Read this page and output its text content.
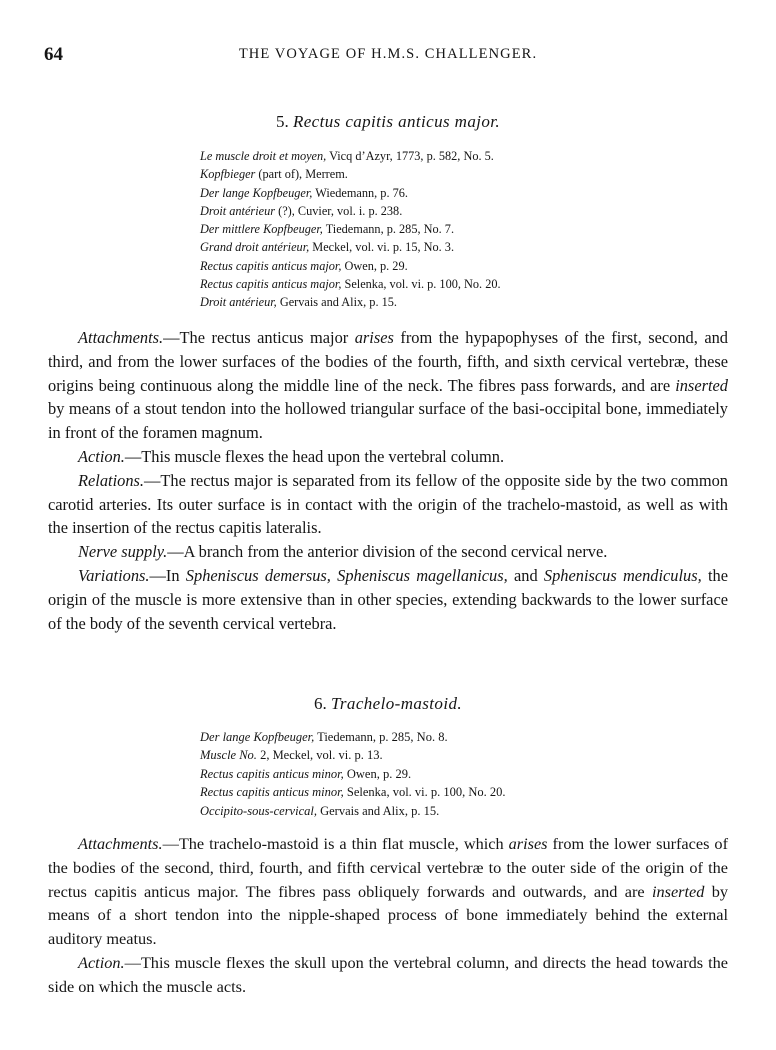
64	THE VOYAGE OF H.M.S. CHALLENGER.
5. Rectus capitis anticus major.
Le muscle droit et moyen, Vicq d’Azyr, 1773, p. 582, No. 5.
Kopfbieger (part of), Merrem.
Der lange Kopfbeuger, Wiedemann, p. 76.
Droit antérieur (?), Cuvier, vol. i. p. 238.
Der mittlere Kopfbeuger, Tiedemann, p. 285, No. 7.
Grand droit antérieur, Meckel, vol. vi. p. 15, No. 3.
Rectus capitis anticus major, Owen, p. 29.
Rectus capitis anticus major, Selenka, vol. vi. p. 100, No. 20.
Droit antérieur, Gervais and Alix, p. 15.
Attachments.—The rectus anticus major arises from the hypapophyses of the first, second, and third, and from the lower surfaces of the bodies of the fourth, fifth, and sixth cervical vertebræ, these origins being continuous along the middle line of the neck. The fibres pass forwards, and are inserted by means of a stout tendon into the hollowed triangular surface of the basi-occipital bone, immediately in front of the foramen magnum.
Action.—This muscle flexes the head upon the vertebral column.
Relations.—The rectus major is separated from its fellow of the opposite side by the two common carotid arteries. Its outer surface is in contact with the origin of the trachelo-mastoid, as well as with the insertion of the rectus capitis lateralis.
Nerve supply.—A branch from the anterior division of the second cervical nerve.
Variations.—In Spheniscus demersus, Spheniscus magellanicus, and Spheniscus mendiculus, the origin of the muscle is more extensive than in other species, extending backwards to the lower surface of the body of the seventh cervical vertebra.
6. Trachelo-mastoid.
Der lange Kopfbeuger, Tiedemann, p. 285, No. 8.
Muscle No. 2, Meckel, vol. vi. p. 13.
Rectus capitis anticus minor, Owen, p. 29.
Rectus capitis anticus minor, Selenka, vol. vi. p. 100, No. 20.
Occipito-sous-cervical, Gervais and Alix, p. 15.
Attachments.—The trachelo-mastoid is a thin flat muscle, which arises from the lower surfaces of the bodies of the second, third, fourth, and fifth cervical vertebræ to the outer side of the origin of the rectus capitis anticus major. The fibres pass obliquely forwards and outwards, and are inserted by means of a short tendon into the nipple-shaped process of bone immediately behind the external auditory meatus.
Action.—This muscle flexes the skull upon the vertebral column, and directs the head towards the side on which the muscle acts.
